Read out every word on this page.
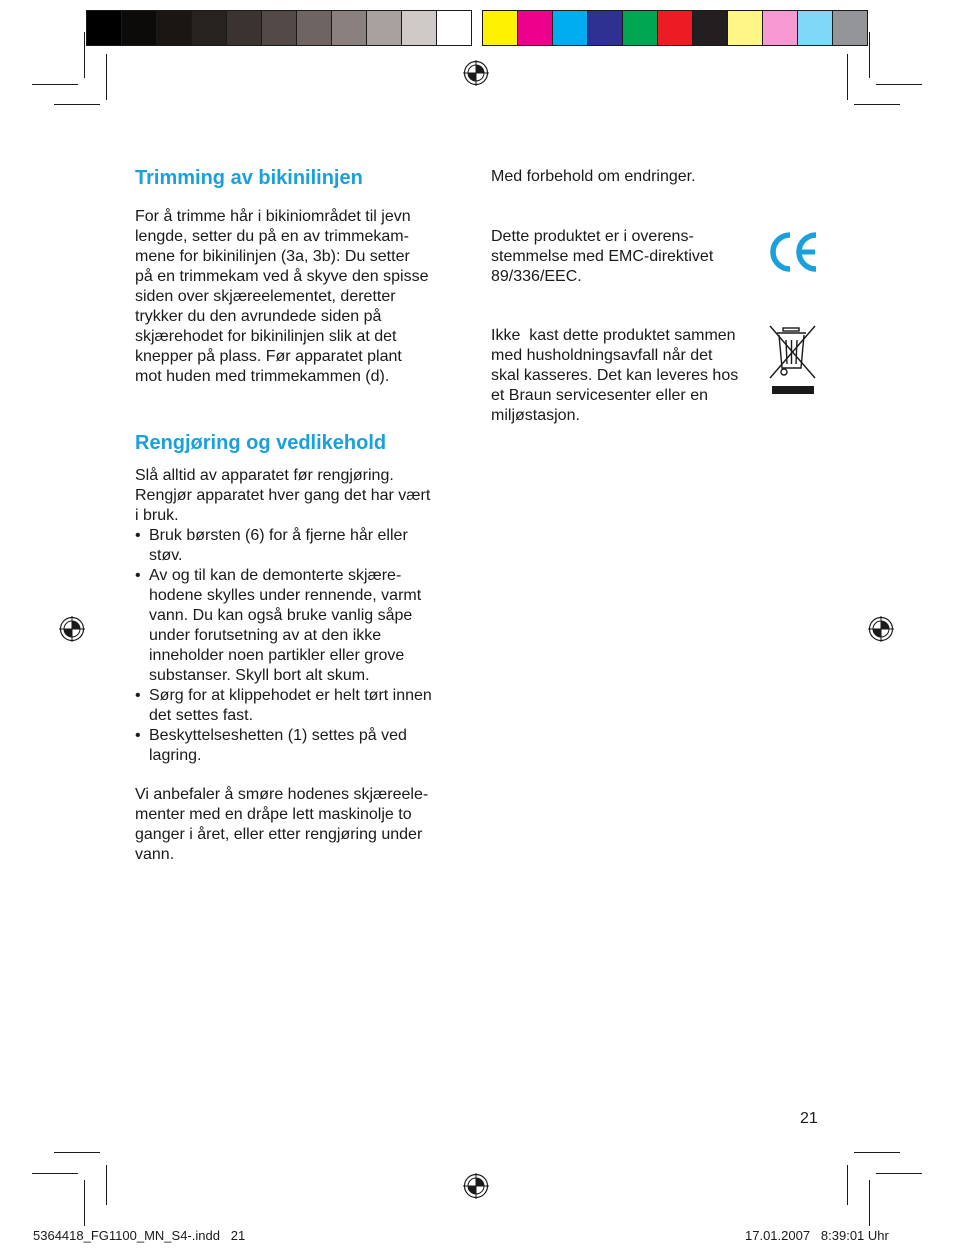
Trimming av bikinilinjen

For å trimme hår i bikiniområdet til jevn

lengde, setter du på en av trimmekam-

mene for bikinilinjen (3a, 3b): Du setter

på en trimmekam ved å skyve den spisse

siden over skjæreelementet, deretter

trykker du den avrundede siden på

skjærehodet for bikinilinjen slik at det

knepper på plass. Før apparatet plant

mot huden med trimmekammen (d).

Rengjøring og vedlikehold

Slå alltid av apparatet før rengjøring.

Rengjør apparatet hver gang det har vært

i bruk.

• Bruk børsten (6) for å fjerne hår eller
støv.
• Av og til kan de demonterte skjære-
hodene skylles under rennende, varmt
vann. Du kan også bruke vanlig såpe
under forutsetning av at den ikke
inneholder noen partikler eller grove
substanser. Skyll bort alt skum.
• Sørg for at klippehodet er helt tørt innen
det settes fast.
• Beskyttelseshetten (1) settes på ved
lagring.

Vi anbefaler å smøre hodenes skjæreele-

menter med en dråpe lett maskinolje to

ganger i året, eller etter rengjøring under

vann.

Med forbehold om endringer.

Dette produktet er i overens-

stemmelse med EMC-direktivet

89/336/EEC.

Ikke  kast dette produktet sammen

med husholdningsavfall når det

skal kasseres. Det kan leveres hos

et Braun servicesenter eller en

miljøstasjon.

21
5364418_FG1100_MN_S4-.indd   21	17.01.2007   8:39:01 Uhr
